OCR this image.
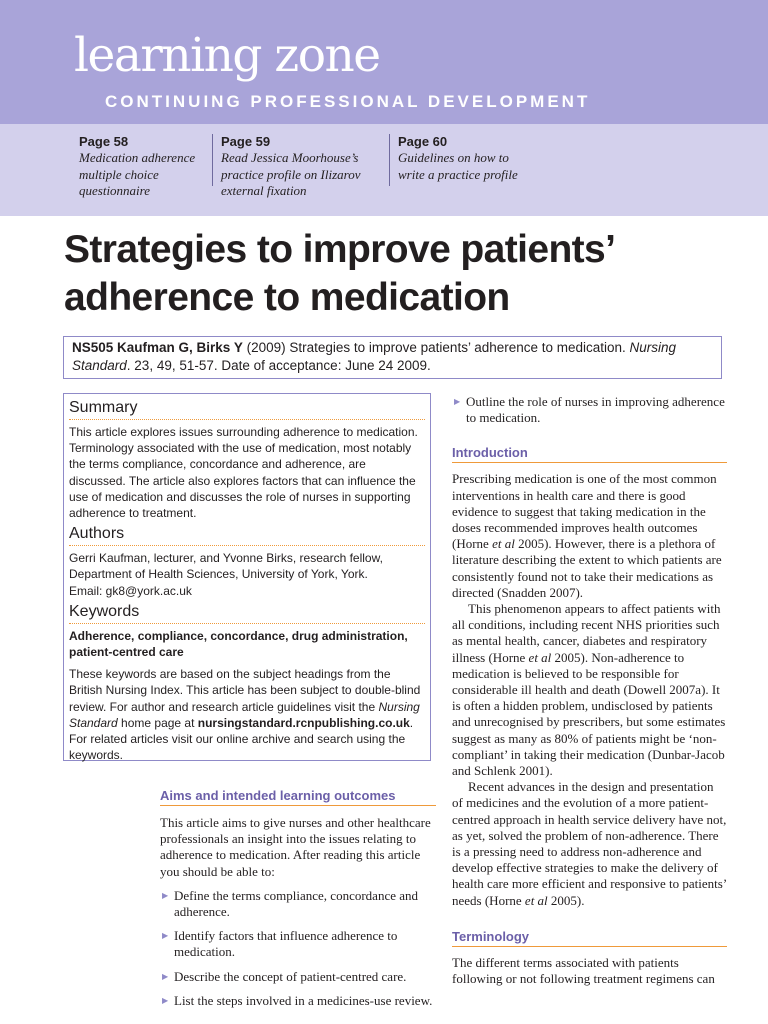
learning zone
CONTINUING PROFESSIONAL DEVELOPMENT
Page 58
Medication adherence
multiple choice
questionnaire
Page 59
Read Jessica Moorhouse’s
practice profile on Ilizarov
external fixation
Page 60
Guidelines on how to
write a practice profile
Strategies to improve patients’
adherence to medication
NS505 Kaufman G, Birks Y (2009) Strategies to improve patients’ adherence to medication. Nursing Standard. 23, 49, 51-57. Date of acceptance: June 24 2009.
Summary

This article explores issues surrounding adherence to medication. Terminology associated with the use of medication, most notably the terms compliance, concordance and adherence, are discussed. The article also explores factors that can influence the use of medication and discusses the role of nurses in supporting adherence to treatment.

Authors

Gerri Kaufman, lecturer, and Yvonne Birks, research fellow, Department of Health Sciences, University of York, York.

Email: gk8@york.ac.uk

Keywords

Adherence, compliance, concordance, drug administration, patient-centred care

These keywords are based on the subject headings from the British Nursing Index. This article has been subject to double-blind review. For author and research article guidelines visit the Nursing Standard home page at nursingstandard.rcnpublishing.co.uk. For related articles visit our online archive and search using the keywords.

Aims and intended learning outcomes

This article aims to give nurses and other healthcare professionals an insight into the issues relating to adherence to medication. After reading this article you should be able to:

▶ Define the terms compliance, concordance and adherence.
▶ Identify factors that influence adherence to medication.
▶ Describe the concept of patient-centred care.
▶ List the steps involved in a medicines-use review.
▶ Outline the role of nurses in improving adherence to medication.
Introduction

Prescribing medication is one of the most common interventions in health care and there is good evidence to suggest that taking medication in the doses recommended improves health outcomes (Horne et al 2005). However, there is a plethora of literature describing the extent to which patients are consistently found not to take their medications as directed (Snadden 2007).

This phenomenon appears to affect patients with all conditions, including recent NHS priorities such as mental health, cancer, diabetes and respiratory illness (Horne et al 2005). Non-adherence to medication is believed to be responsible for considerable ill health and death (Dowell 2007a). It is often a hidden problem, undisclosed by patients and unrecognised by prescribers, but some estimates suggest as many as 80% of patients might be ‘non-compliant’ in taking their medication (Dunbar-Jacob and Schlenk 2001).

Recent advances in the design and presentation of medicines and the evolution of a more patient-centred approach in health service delivery have not, as yet, solved the problem of non-adherence. There is a pressing need to address non-adherence and develop effective strategies to make the delivery of health care more efficient and responsive to patients’ needs (Horne et al 2005).

Terminology

The different terms associated with patients following or not following treatment regimens can
